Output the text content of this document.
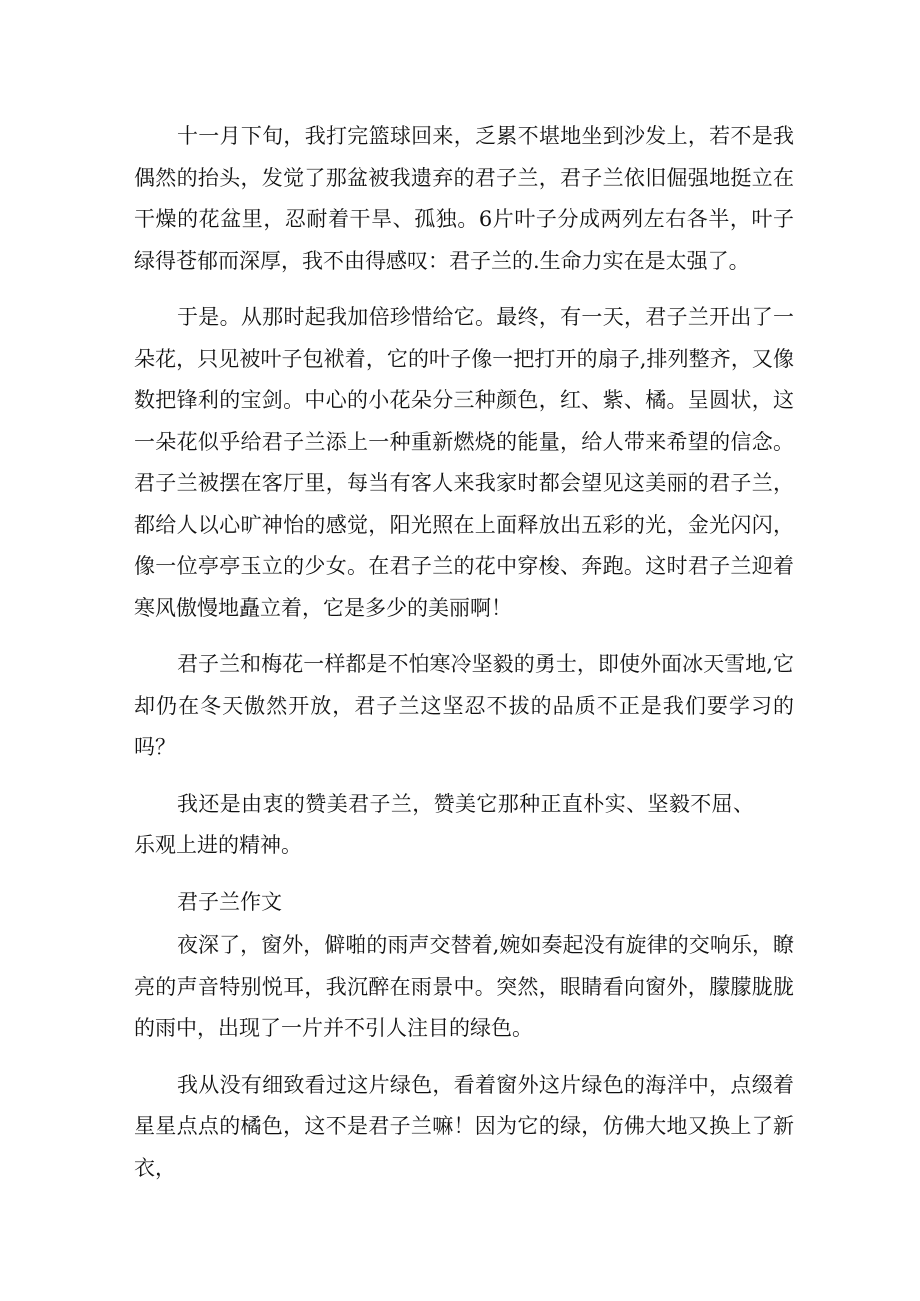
十一月下旬，我打完篮球回来，乏累不堪地坐到沙发上，若不是我偶然的抬头，发觉了那盆被我遗弃的君子兰，君子兰依旧倔强地挺立在干燥的花盆里，忍耐着干旱、孤独。6片叶子分成两列左右各半，叶子绿得苍郁而深厚，我不由得感叹：君子兰的.生命力实在是太强了。

于是。从那时起我加倍珍惜给它。最终，有一天，君子兰开出了一朵花，只见被叶子包袱着，它的叶子像一把打开的扇子,排列整齐，又像数把锋利的宝剑。中心的小花朵分三种颜色，红、紫、橘。呈圆状，这一朵花似乎给君子兰添上一种重新燃烧的能量，给人带来希望的信念。君子兰被摆在客厅里，每当有客人来我家时都会望见这美丽的君子兰，都给人以心旷神怡的感觉，阳光照在上面释放出五彩的光，金光闪闪，像一位亭亭玉立的少女。在君子兰的花中穿梭、奔跑。这时君子兰迎着寒风傲慢地矗立着，它是多少的美丽啊！

君子兰和梅花一样都是不怕寒冷坚毅的勇士，即使外面冰天雪地,它却仍在冬天傲然开放，君子兰这坚忍不拔的品质不正是我们要学习的吗？

我还是由衷的赞美君子兰，赞美它那种正直朴实、坚毅不屈、乐观上进的精神。

君子兰作文

夜深了，窗外，僻啪的雨声交替着,婉如奏起没有旋律的交响乐，瞭亮的声音特别悦耳，我沉醉在雨景中。突然，眼睛看向窗外，朦朦胧胧的雨中，出现了一片并不引人注目的绿色。

我从没有细致看过这片绿色，看着窗外这片绿色的海洋中，点缀着星星点点的橘色，这不是君子兰嘛！因为它的绿，仿佛大地又换上了新衣，
